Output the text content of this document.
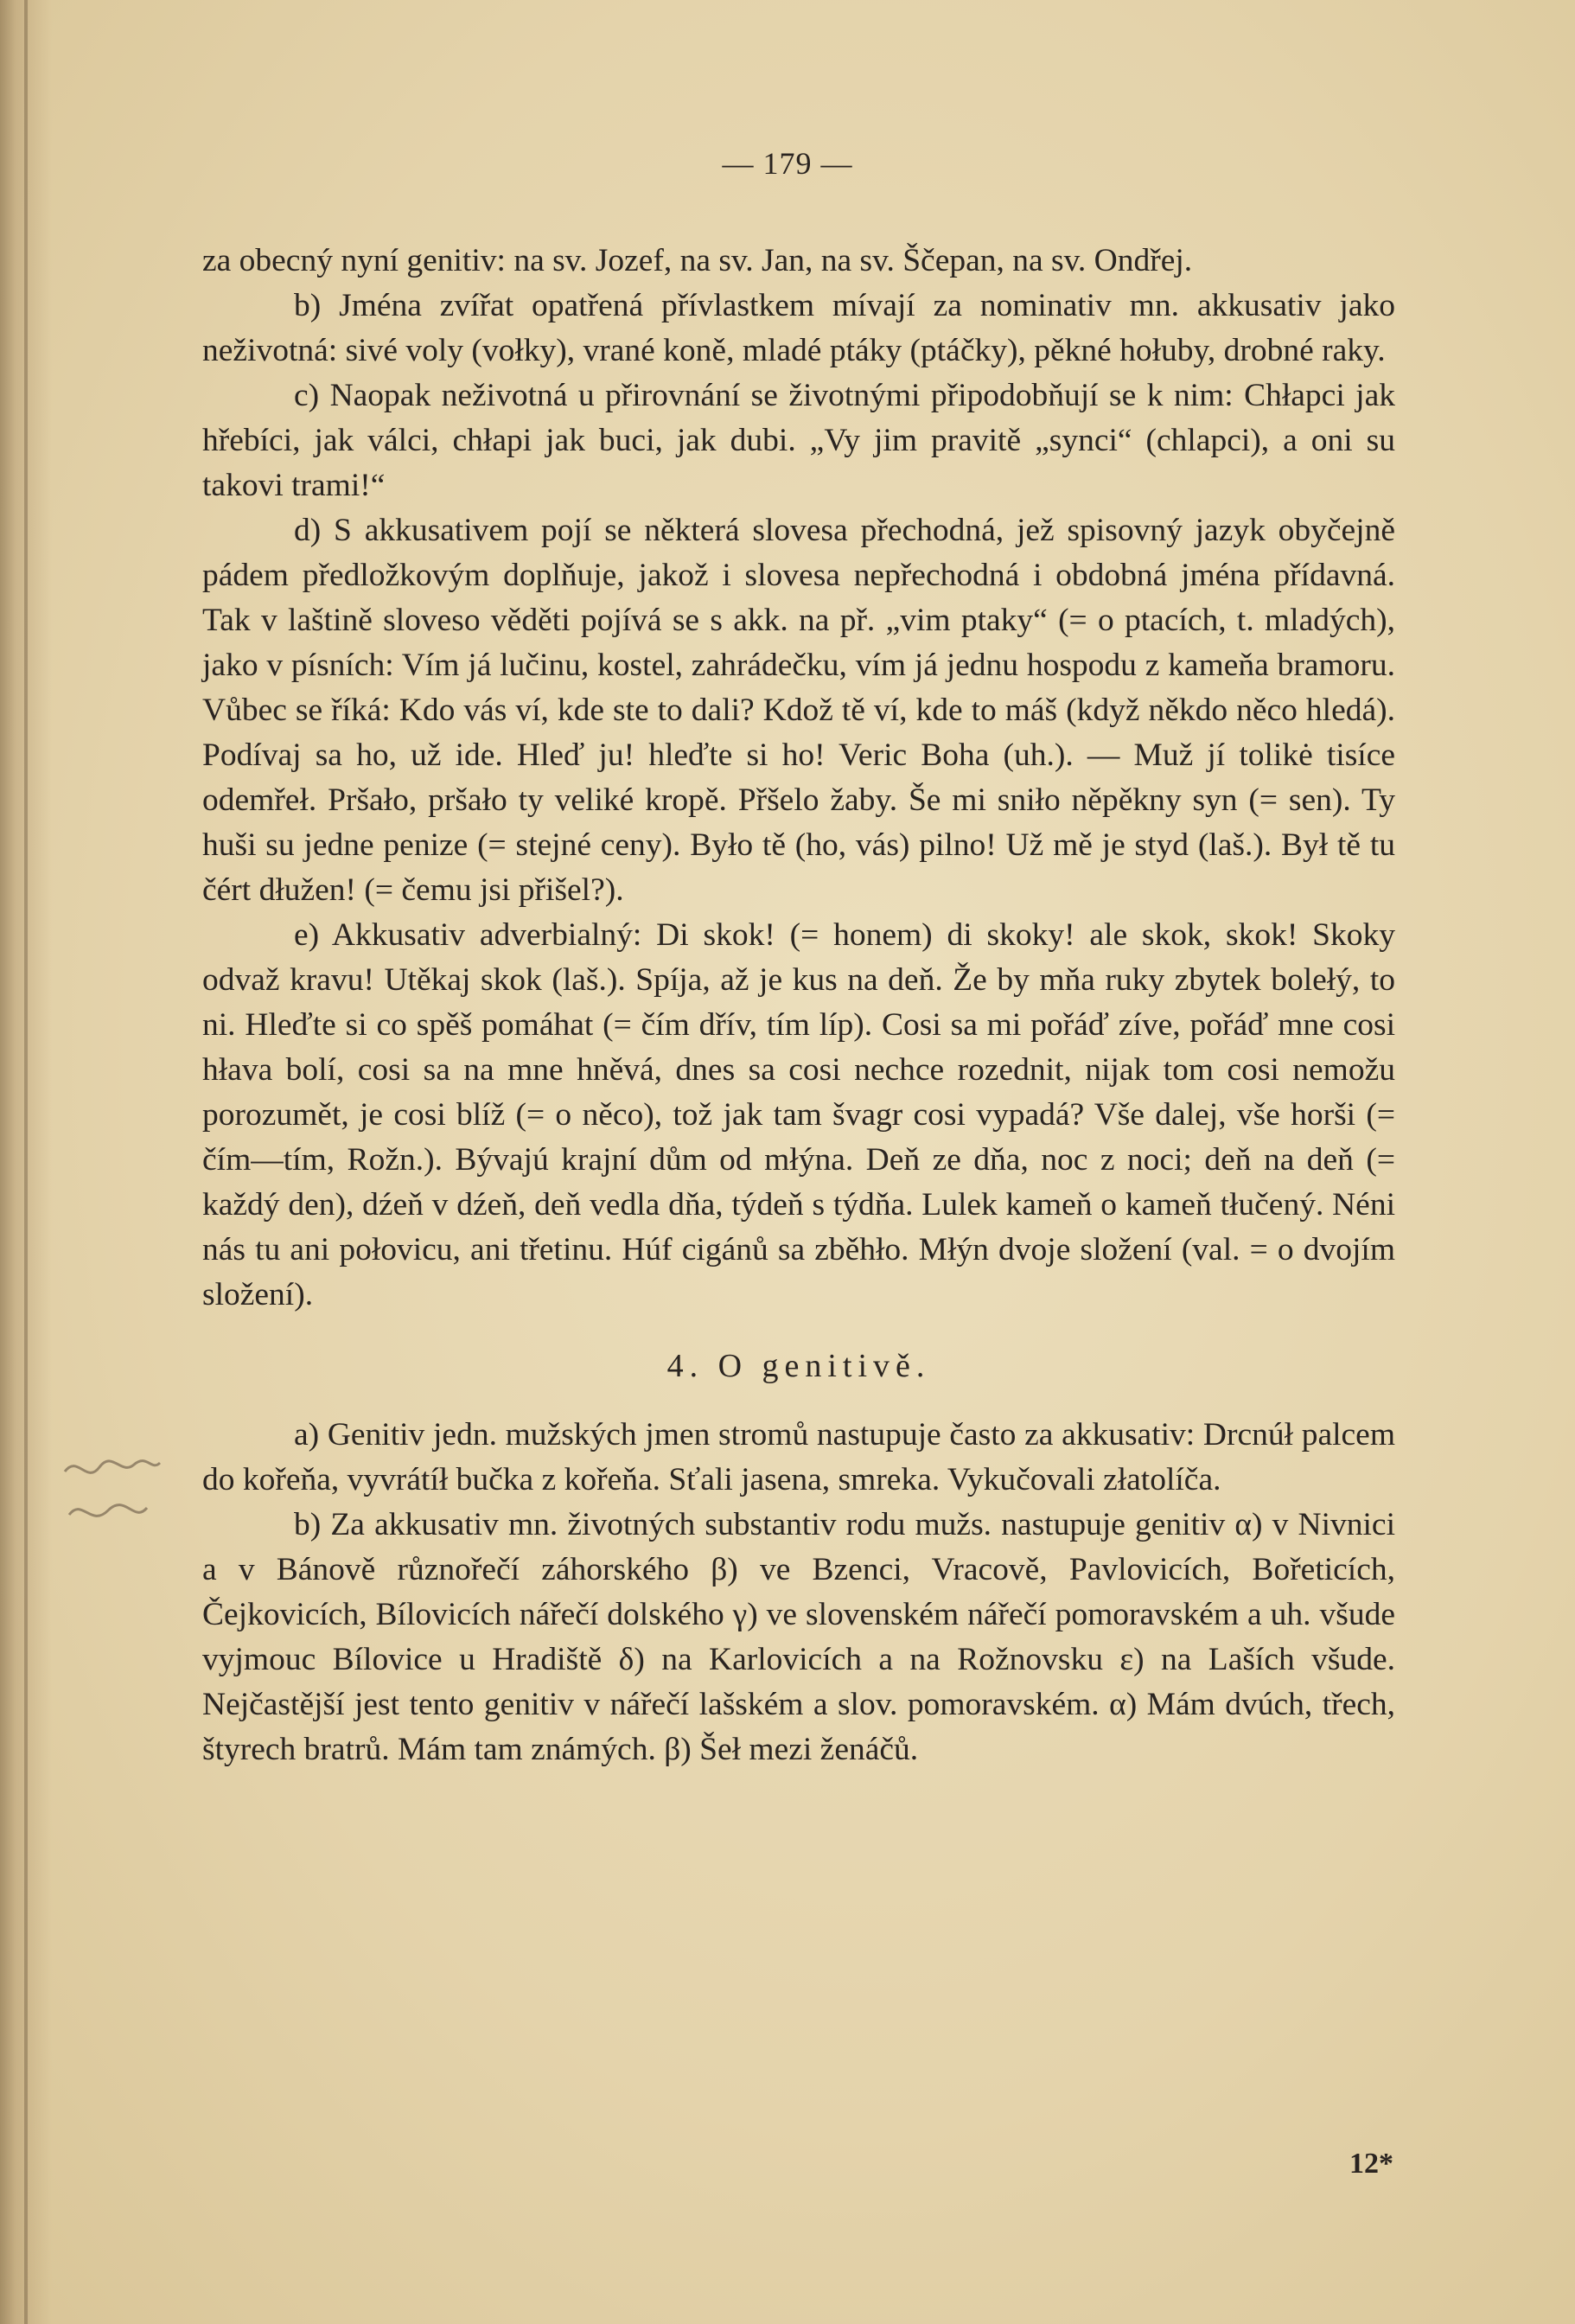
— 179 —

za obecný nyní genitiv: na sv. Jozef, na sv. Jan, na sv. Ščepan, na sv. Ondřej.

b) Jména zvířat opatřená přívlastkem mívají za nominativ mn. akkusativ jako neživotná: sivé voly (vołky), vrané koně, mladé ptáky (ptáčky), pěkné hołuby, drobné raky.

c) Naopak neživotná u přirovnání se životnými připodobňují se k nim: Chłapci jak hřebíci, jak válci, chłapi jak buci, jak dubi. „Vy jim pravitě „synci“ (chlapci), a oni su takovi trami!“

d) S akkusativem pojí se některá slovesa přechodná, jež spisovný jazyk obyčejně pádem předložkovým doplňuje, jakož i slovesa nepřechodná i obdobná jména přídavná. Tak v laštině sloveso věděti pojívá se s akk. na př. „vim ptaky“ (= o ptacích, t. mladých), jako v písních: Vím já lučinu, kostel, zahrádečku, vím já jednu hospodu z kameňa bramoru. Vůbec se říká: Kdo vás ví, kde ste to dali? Kdož tě ví, kde to máš (když někdo něco hledá). Podívaj sa ho, už ide. Hleď ju! hleďte si ho! Veric Boha (uh.). — Muž jí tolikė tisíce odemřeł. Pršało, pršało ty veliké kropě. Přšelo žaby. Še mi sniło něpěkny syn (= sen). Ty huši su jedne penize (= stejné ceny). Było tě (ho, vás) pilno! Už mě je styd (laš.). Był tě tu čért dłužen! (= čemu jsi přišel?).

e) Akkusativ adverbialný: Di skok! (= honem) di skoky! ale skok, skok! Skoky odvaž kravu! Utěkaj skok (laš.). Spíja, až je kus na deň. Že by mňa ruky zbytek bolełý, to ni. Hleďte si co spěš pomáhat (= čím dřív, tím líp). Cosi sa mi pořáď zíve, pořáď mne cosi hłava bolí, cosi sa na mne hněvá, dnes sa cosi nechce rozednit, nijak tom cosi nemožu porozumět, je cosi blíž (= o něco), tož jak tam švagr cosi vypadá? Vše dalej, vše horši (= čím—tím, Rožn.). Bývajú krajní dům od młýna. Deň ze dňa, noc z noci; deň na deň (= každý den), dźeň v dźeň, deň vedla dňa, týdeň s týdňa. Lulek kameň o kameň tłučený. Néni nás tu ani połovicu, ani třetinu. Húf cigánů sa zběhło. Młýn dvoje složení (val. = o dvojím složení).

4. O genitivě.

a) Genitiv jedn. mužských jmen stromů nastupuje často za akkusativ: Drcnúł palcem do kořeňa, vyvrátíł bučka z kořeňa. Sťali jasena, smreka. Vykučovali złatolíča.

b) Za akkusativ mn. životných substantiv rodu mužs. nastupuje genitiv α) v Nivnici a v Bánově různořečí záhorského β) ve Bzenci, Vracově, Pavlovicích, Bořeticích, Čejkovicích, Bílovicích nářečí dolského γ) ve slovenském nářečí pomoravském a uh. všude vyjmouc Bílovice u Hradiště δ) na Karlovicích a na Rožnovsku ε) na Laších všude. Nejčastější jest tento genitiv v nářečí lašském a slov. pomoravském. α) Mám dvúch, třech, štyrech bratrů. Mám tam známých. β) Šeł mezi ženáčů.

12*
